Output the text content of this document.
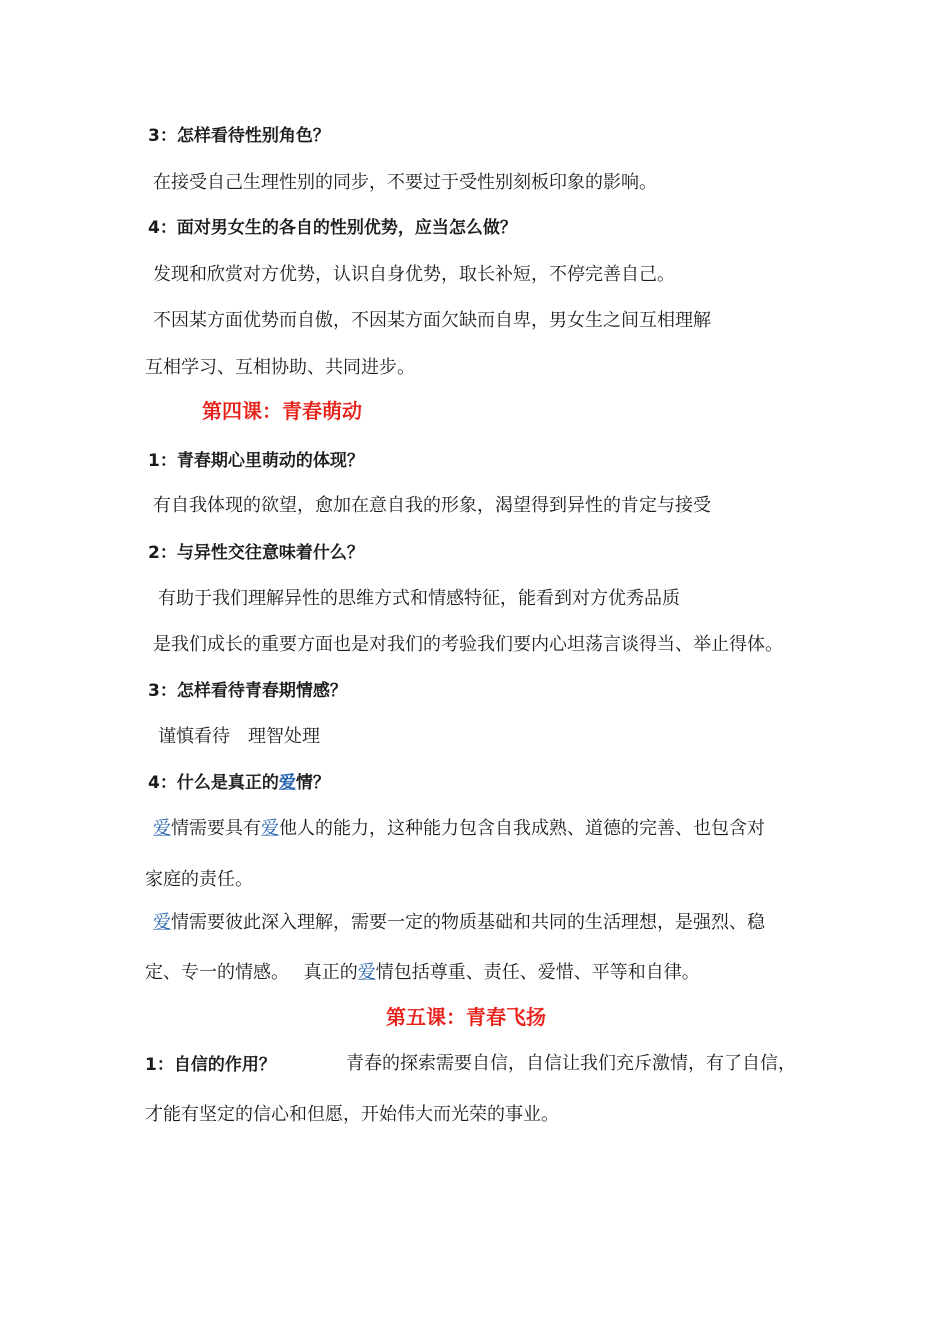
3：怎样看待性别角色？
在接受自己生理性别的同步，不要过于受性别刻板印象的影响。
4：面对男女生的各自的性别优势，应当怎么做？
发现和欣赏对方优势，认识自身优势，取长补短，不停完善自己。
不因某方面优势而自傲，不因某方面欠缺而自卑，男女生之间互相理解
互相学习、互相协助、共同进步。
第四课：青春萌动
1：青春期心里萌动的体现？
有自我体现的欲望，愈加在意自我的形象，渴望得到异性的肯定与接受
2：与异性交往意味着什么？
有助于我们理解异性的思维方式和情感特征，能看到对方优秀品质
是我们成长的重要方面也是对我们的考验我们要内心坦荡言谈得当、举止得体。
3：怎样看待青春期情感？
谨慎看待　理智处理
4：什么是真正的爱情？
爱情需要具有爱他人的能力，这种能力包含自我成熟、道德的完善、也包含对
家庭的责任。
爱情需要彼此深入理解，需要一定的物质基础和共同的生活理想，是强烈、稳
定、专一的情感。　 真正的爱情包括尊重、责任、爱惜、平等和自律。
第五课：青春飞扬
1：自信的作用？	青春的探索需要自信，自信让我们充斥激情，有了自信，
才能有坚定的信心和但愿，开始伟大而光荣的事业。
